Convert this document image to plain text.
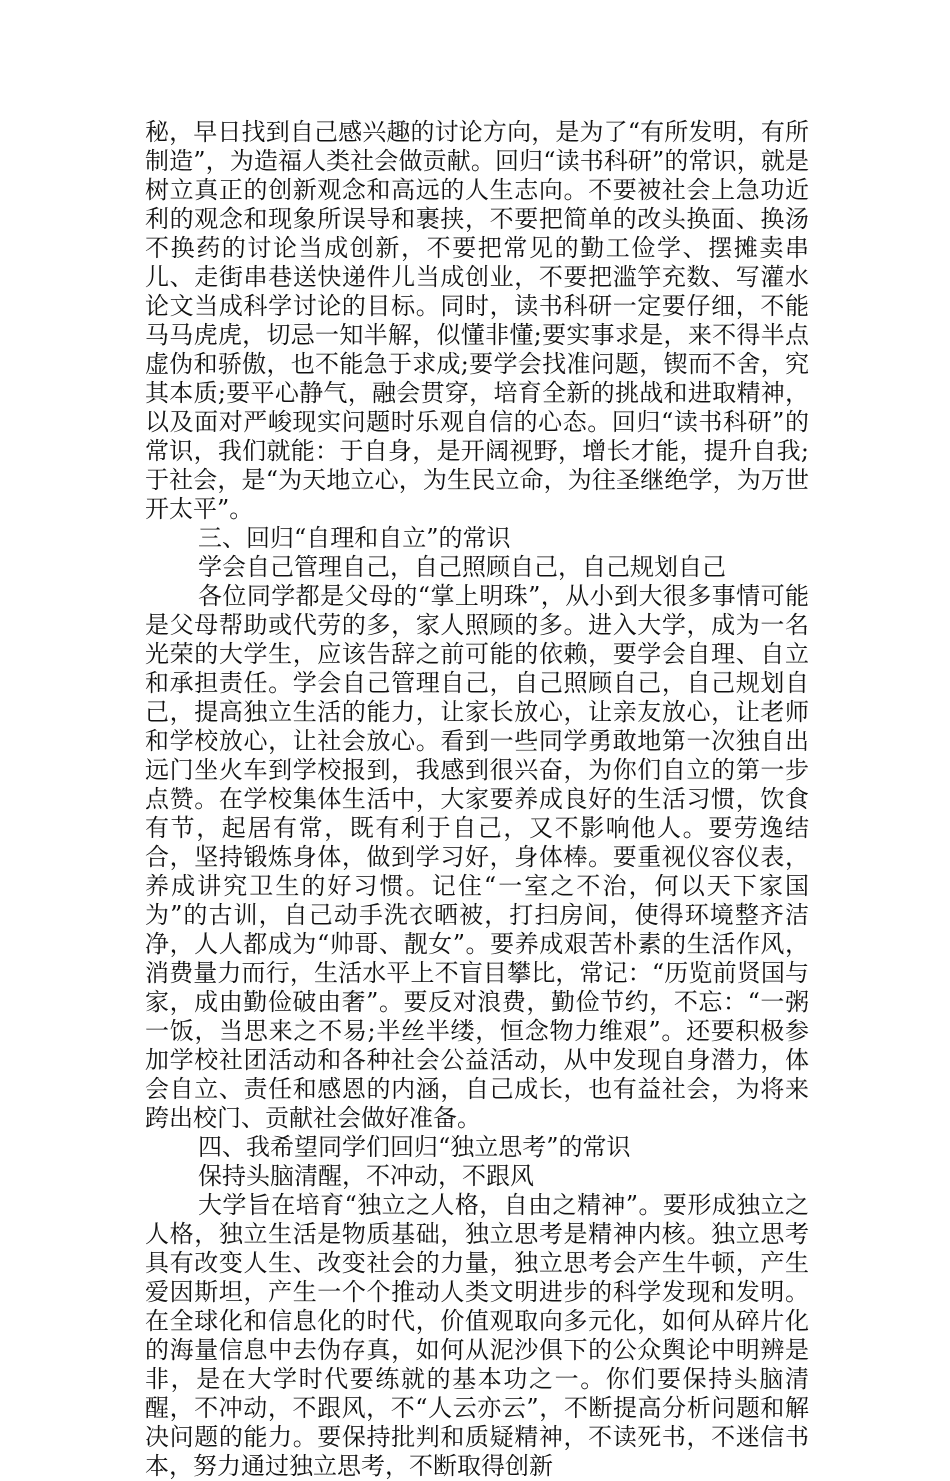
秘，早日找到自己感兴趣的讨论方向，是为了“有所发明，有所制造”，为造福人类社会做贡献。回归“读书科研”的常识，就是树立真正的创新观念和高远的人生志向。不要被社会上急功近利的观念和现象所误导和裹挟，不要把简单的改头换面、换汤不换药的讨论当成创新，不要把常见的勤工俭学、摆摊卖串儿、走街串巷送快递件儿当成创业，不要把滥竽充数、写灌水论文当成科学讨论的目标。同时，读书科研一定要仔细，不能马马虎虎，切忌一知半解，似懂非懂;要实事求是，来不得半点虚伪和骄傲，也不能急于求成;要学会找准问题，锲而不舍，究其本质;要平心静气，融会贯穿，培育全新的挑战和进取精神，以及面对严峻现实问题时乐观自信的心态。回归“读书科研”的常识，我们就能：于自身，是开阔视野，增长才能，提升自我;于社会，是“为天地立心，为生民立命，为往圣继绝学，为万世开太平”。

三、回归“自理和自立”的常识

学会自己管理自己，自己照顾自己，自己规划自己

各位同学都是父母的“掌上明珠”，从小到大很多事情可能是父母帮助或代劳的多，家人照顾的多。进入大学，成为一名光荣的大学生，应该告辞之前可能的依赖，要学会自理、自立和承担责任。学会自己管理自己，自己照顾自己，自己规划自己，提高独立生活的能力，让家长放心，让亲友放心，让老师和学校放心，让社会放心。看到一些同学勇敢地第一次独自出远门坐火车到学校报到，我感到很兴奋，为你们自立的第一步点赞。在学校集体生活中，大家要养成良好的生活习惯，饮食有节，起居有常，既有利于自己，又不影响他人。要劳逸结合，坚持锻炼身体，做到学习好，身体棒。要重视仪容仪表，养成讲究卫生的好习惯。记住“一室之不治，何以天下家国为”的古训，自己动手洗衣晒被，打扫房间，使得环境整齐洁净，人人都成为“帅哥、靓女”。要养成艰苦朴素的生活作风，消费量力而行，生活水平上不盲目攀比，常记：“历览前贤国与家，成由勤俭破由奢”。要反对浪费，勤俭节约，不忘：“一粥一饭，当思来之不易;半丝半缕，恒念物力维艰”。还要积极参加学校社团活动和各种社会公益活动，从中发现自身潜力，体会自立、责任和感恩的内涵，自己成长，也有益社会，为将来跨出校门、贡献社会做好准备。

四、我希望同学们回归“独立思考”的常识

保持头脑清醒，不冲动，不跟风

大学旨在培育“独立之人格，自由之精神”。要形成独立之人格，独立生活是物质基础，独立思考是精神内核。独立思考具有改变人生、改变社会的力量，独立思考会产生牛顿，产生爱因斯坦，产生一个个推动人类文明进步的科学发现和发明。在全球化和信息化的时代，价值观取向多元化，如何从碎片化的海量信息中去伪存真，如何从泥沙俱下的公众舆论中明辨是非，是在大学时代要练就的基本功之一。你们要保持头脑清醒，不冲动，不跟风，不“人云亦云”，不断提高分析问题和解决问题的能力。要保持批判和质疑精神，不读死书，不迷信书本，努力通过独立思考，不断取得创新
